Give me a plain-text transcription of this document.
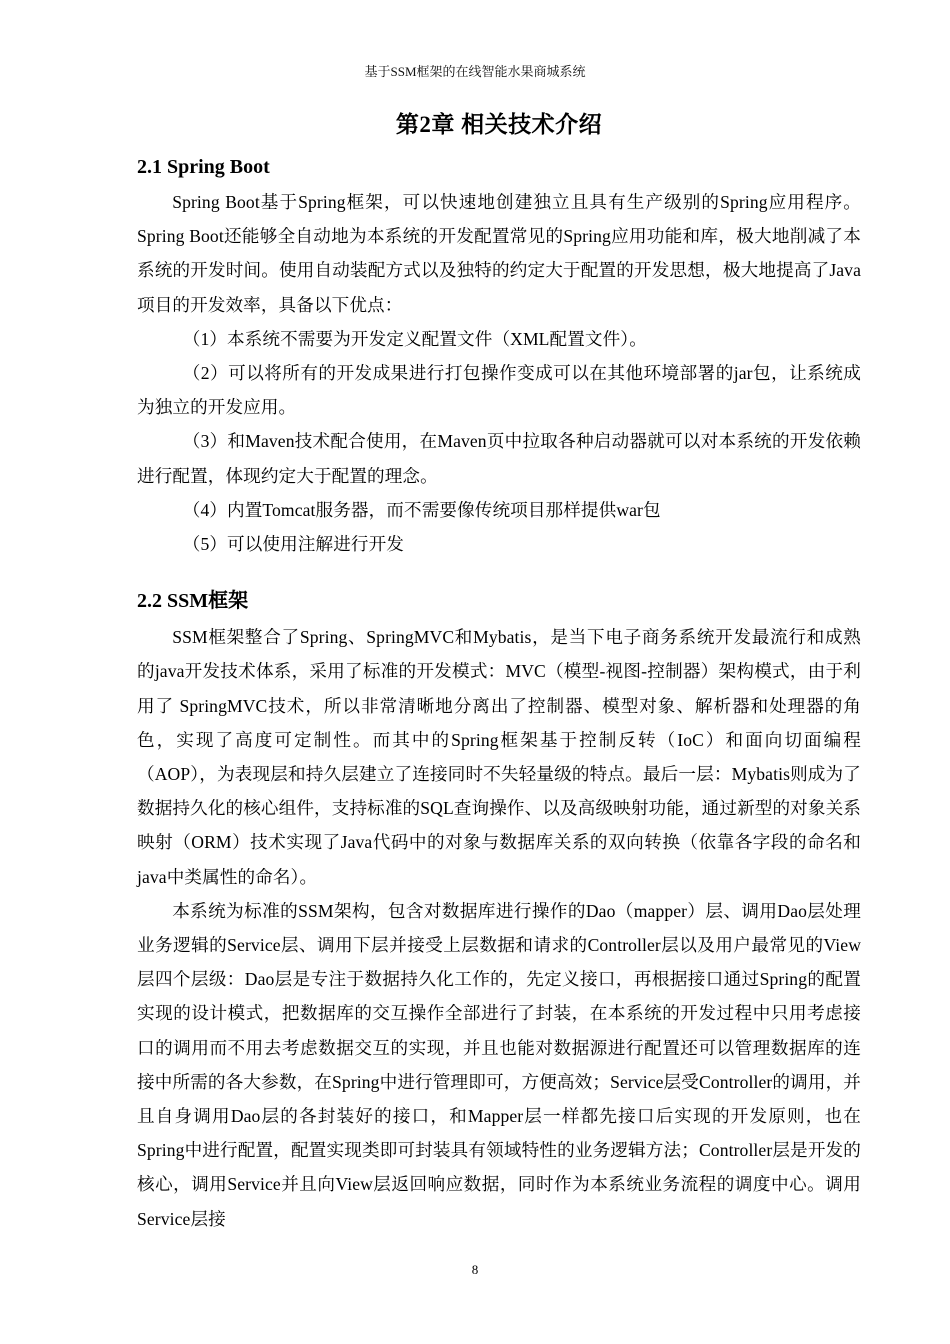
基于SSM框架的在线智能水果商城系统
第2章 相关技术介绍
2.1 Spring Boot

Spring Boot基于Spring框架，可以快速地创建独立且具有生产级别的Spring应用程序。Spring Boot还能够全自动地为本系统的开发配置常见的Spring应用功能和库，极大地削减了本系统的开发时间。使用自动装配方式以及独特的约定大于配置的开发思想，极大地提高了Java项目的开发效率，具备以下优点：

（1）本系统不需要为开发定义配置文件（XML配置文件）。

（2）可以将所有的开发成果进行打包操作变成可以在其他环境部署的jar包，让系统成为独立的开发应用。

（3）和Maven技术配合使用，在Maven页中拉取各种启动器就可以对本系统的开发依赖进行配置，体现约定大于配置的理念。

（4）内置Tomcat服务器，而不需要像传统项目那样提供war包

（5）可以使用注解进行开发

2.2 SSM框架

SSM框架整合了Spring、SpringMVC和Mybatis，是当下电子商务系统开发最流行和成熟的java开发技术体系，采用了标准的开发模式：MVC（模型-视图-控制器）架构模式，由于利用了 SpringMVC技术，所以非常清晰地分离出了控制器、模型对象、解析器和处理器的角色，实现了高度可定制性。而其中的Spring框架基于控制反转（IoC）和面向切面编程（AOP），为表现层和持久层建立了连接同时不失轻量级的特点。最后一层：Mybatis则成为了数据持久化的核心组件，支持标准的SQL查询操作、以及高级映射功能，通过新型的对象关系映射（ORM）技术实现了Java代码中的对象与数据库关系的双向转换（依靠各字段的命名和java中类属性的命名）。

本系统为标准的SSM架构，包含对数据库进行操作的Dao（mapper）层、调用Dao层处理业务逻辑的Service层、调用下层并接受上层数据和请求的Controller层以及用户最常见的View层四个层级：Dao层是专注于数据持久化工作的，先定义接口，再根据接口通过Spring的配置实现的设计模式，把数据库的交互操作全部进行了封装，在本系统的开发过程中只用考虑接口的调用而不用去考虑数据交互的实现，并且也能对数据源进行配置还可以管理数据库的连接中所需的各大参数，在Spring中进行管理即可，方便高效；Service层受Controller的调用，并且自身调用Dao层的各封装好的接口，和Mapper层一样都先接口后实现的开发原则，也在Spring中进行配置，配置实现类即可封装具有领域特性的业务逻辑方法；Controller层是开发的核心，调用Service并且向View层返回响应数据，同时作为本系统业务流程的调度中心。调用Service层接

8
